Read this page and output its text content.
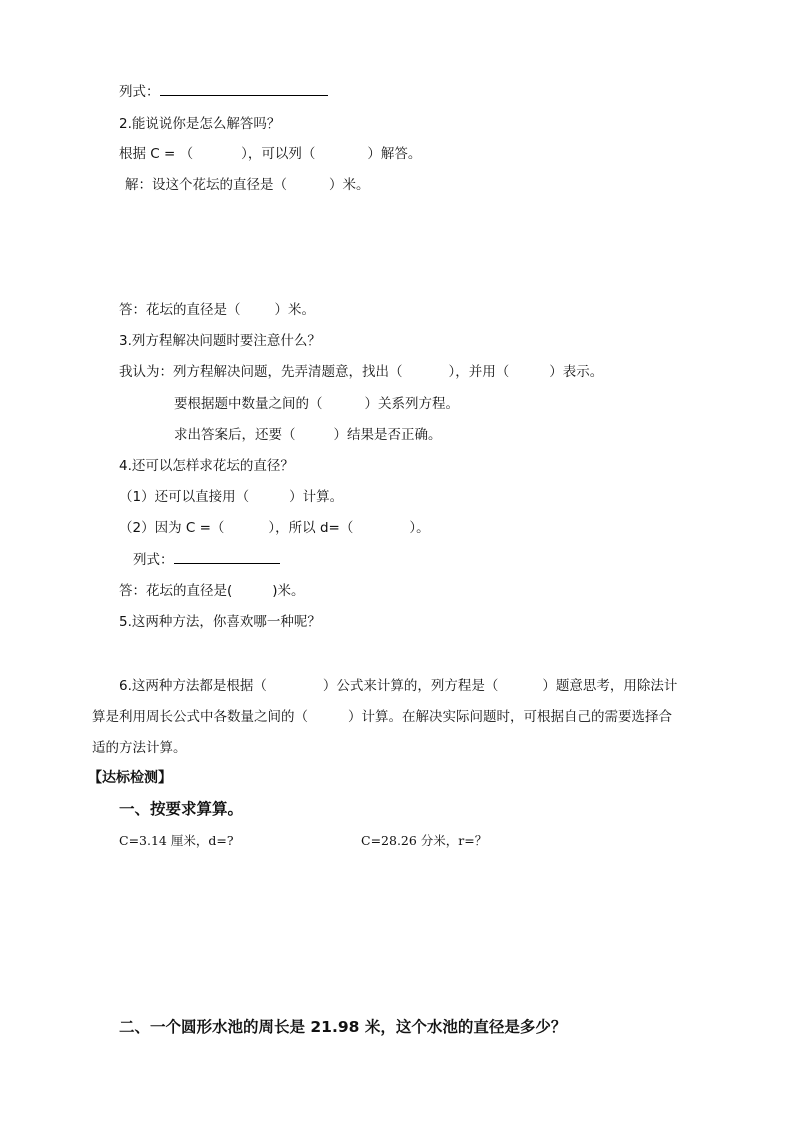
列式：
2.能说说你是怎么解答吗？
根据 C = （	），可以列（	）解答。
解：设这个花坛的直径是（	）米。
答：花坛的直径是（	）米。
3.列方程解决问题时要注意什么？
我认为：列方程解决问题，先弄清题意，找出（	），并用（	）表示。
要根据题中数量之间的（	）关系列方程。
求出答案后，还要（	）结果是否正确。
4.还可以怎样求花坛的直径？
（1）还可以直接用（	）计算。
（2）因为 C =（	），所以 d=（	）。
列式：
答：花坛的直径是(	)米。
5.这两种方法，你喜欢哪一种呢？
6.这两种方法都是根据（	）公式来计算的，列方程是（	）题意思考，用除法计
算是利用周长公式中各数量之间的（	）计算。在解决实际问题时，可根据自己的需要选择合
适的方法计算。
【达标检测】
一、按要求算算。
C=3.14 厘米，d=?	C=28.26 分米，r=？
二、一个圆形水池的周长是 21.98 米，这个水池的直径是多少？
